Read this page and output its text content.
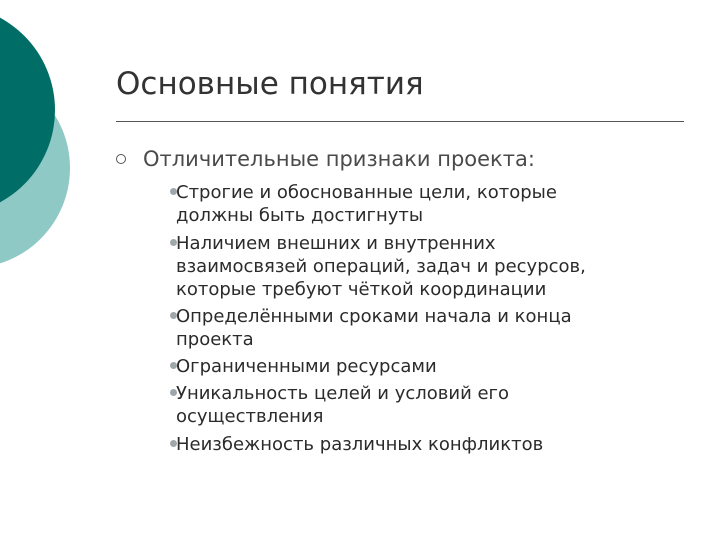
Основные понятия
Отличительные признаки проекта:
Строгие и обоснованные цели, которые
должны быть достигнуты
Наличием внешних и внутренних
взаимосвязей операций, задач и ресурсов,
которые требуют чёткой координации
Определёнными сроками начала и конца
проекта
Ограниченными ресурсами
Уникальность целей и условий его
осуществления
Неизбежность различных конфликтов
